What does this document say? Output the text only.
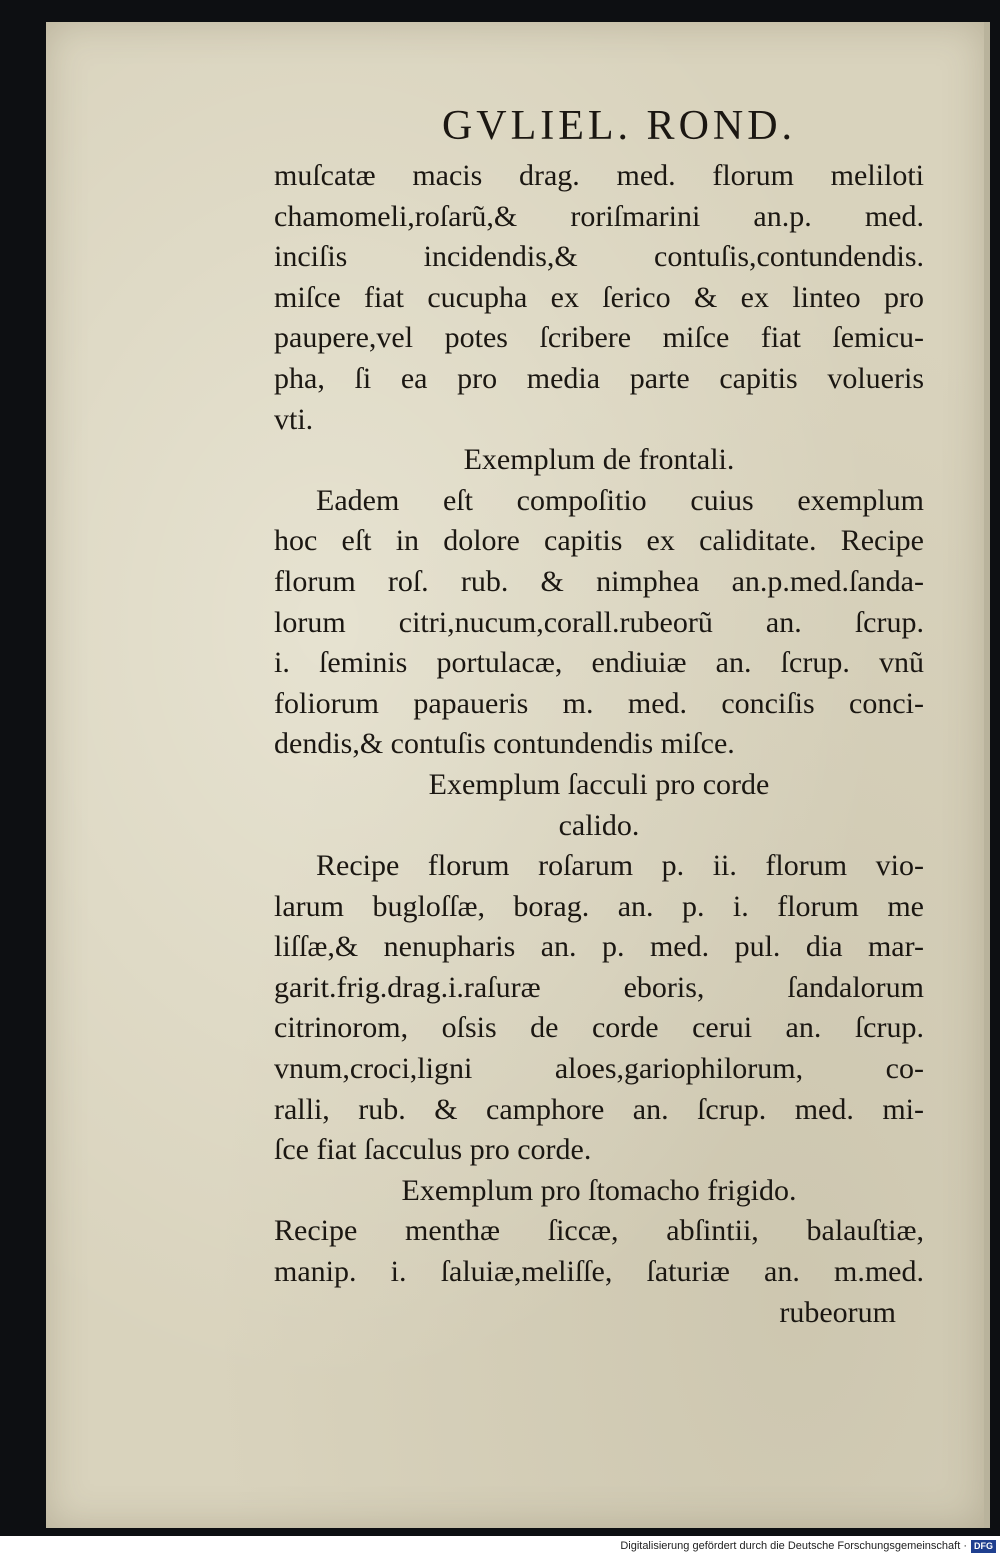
GVLIEL. ROND.
muſcatæ macis drag. med. florum meliloti
chamomeli,roſarũ,& roriſmarini an.p. med.
inciſis incidendis,& contuſis,contundendis.
miſce fiat cucupha ex ſerico & ex linteo pro
paupere,vel potes ſcribere miſce fiat ſemicu-
pha, ſi ea pro media parte capitis volueris
vti.
Exemplum de frontali.
Eadem eſt compoſitio cuius exemplum
hoc eſt in dolore capitis ex caliditate. Recipe
florum roſ. rub. & nimphea an.p.med.ſanda-
lorum citri,nucum,corall.rubeorũ an. ſcrup.
i. ſeminis portulacæ, endiuiæ an. ſcrup. vnũ
foliorum papaueris m. med. conciſis conci-
dendis,& contuſis contundendis miſce.
Exemplum ſacculi pro corde
calido.
Recipe florum roſarum p. ii. florum vio-
larum bugloſſæ, borag. an. p. i. florum me
liſſæ,& nenupharis an. p. med. pul. dia mar-
garit.frig.drag.i.raſuræ eboris, ſandalorum
citrinorom, oſsis de corde cerui an. ſcrup.
vnum,croci,ligni aloes,gariophilorum, co-
ralli, rub. & camphore an. ſcrup. med. mi-
ſce fiat ſacculus pro corde.
Exemplum pro ſtomacho frigido.
Recipe menthæ ſiccæ, abſintii, balauſtiæ,
manip. i. ſaluiæ,meliſſe, ſaturiæ an. m.med.
rubeorum
Digitalisierung gefördert durch die Deutsche Forschungsgemeinschaft · DFG
